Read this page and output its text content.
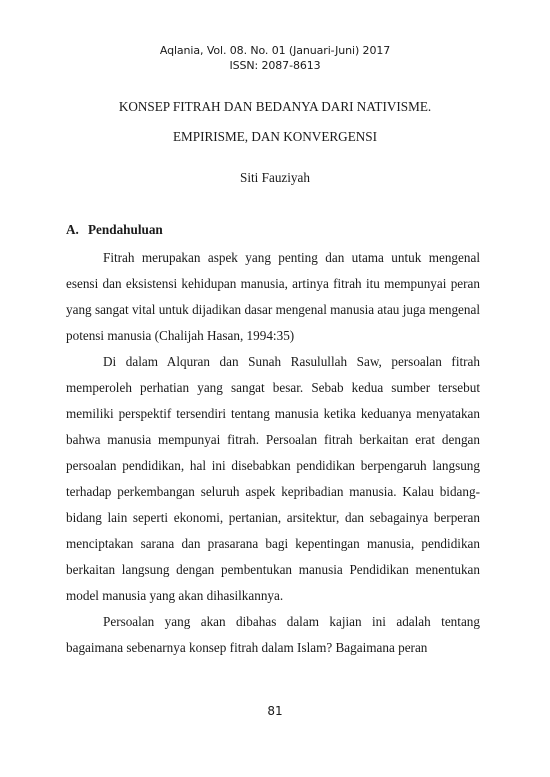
Aqlania, Vol. 08. No. 01 (Januari-Juni) 2017
ISSN: 2087-8613
KONSEP FITRAH DAN BEDANYA DARI NATIVISME.
EMPIRISME, DAN KONVERGENSI
Siti Fauziyah
A. Pendahuluan

Fitrah merupakan aspek yang penting dan utama untuk mengenal esensi dan eksistensi kehidupan manusia, artinya fitrah itu mempunyai peran yang sangat vital untuk dijadikan dasar mengenal manusia atau juga mengenal potensi manusia (Chalijah Hasan, 1994:35)

Di dalam Alquran dan Sunah Rasulullah Saw, persoalan fitrah memperoleh perhatian yang sangat besar. Sebab kedua sumber tersebut memiliki perspektif tersendiri tentang manusia ketika keduanya menyatakan bahwa manusia mempunyai fitrah. Persoalan fitrah berkaitan erat dengan persoalan pendidikan, hal ini disebabkan pendidikan berpengaruh langsung terhadap perkembangan seluruh aspek kepribadian manusia. Kalau bidang-bidang lain seperti ekonomi, pertanian, arsitektur, dan sebagainya berperan menciptakan sarana dan prasarana bagi kepentingan manusia, pendidikan berkaitan langsung dengan pembentukan manusia Pendidikan menentukan model manusia yang akan dihasilkannya.

Persoalan yang akan dibahas dalam kajian ini adalah tentang bagaimana sebenarnya konsep fitrah dalam Islam? Bagaimana peran

81
